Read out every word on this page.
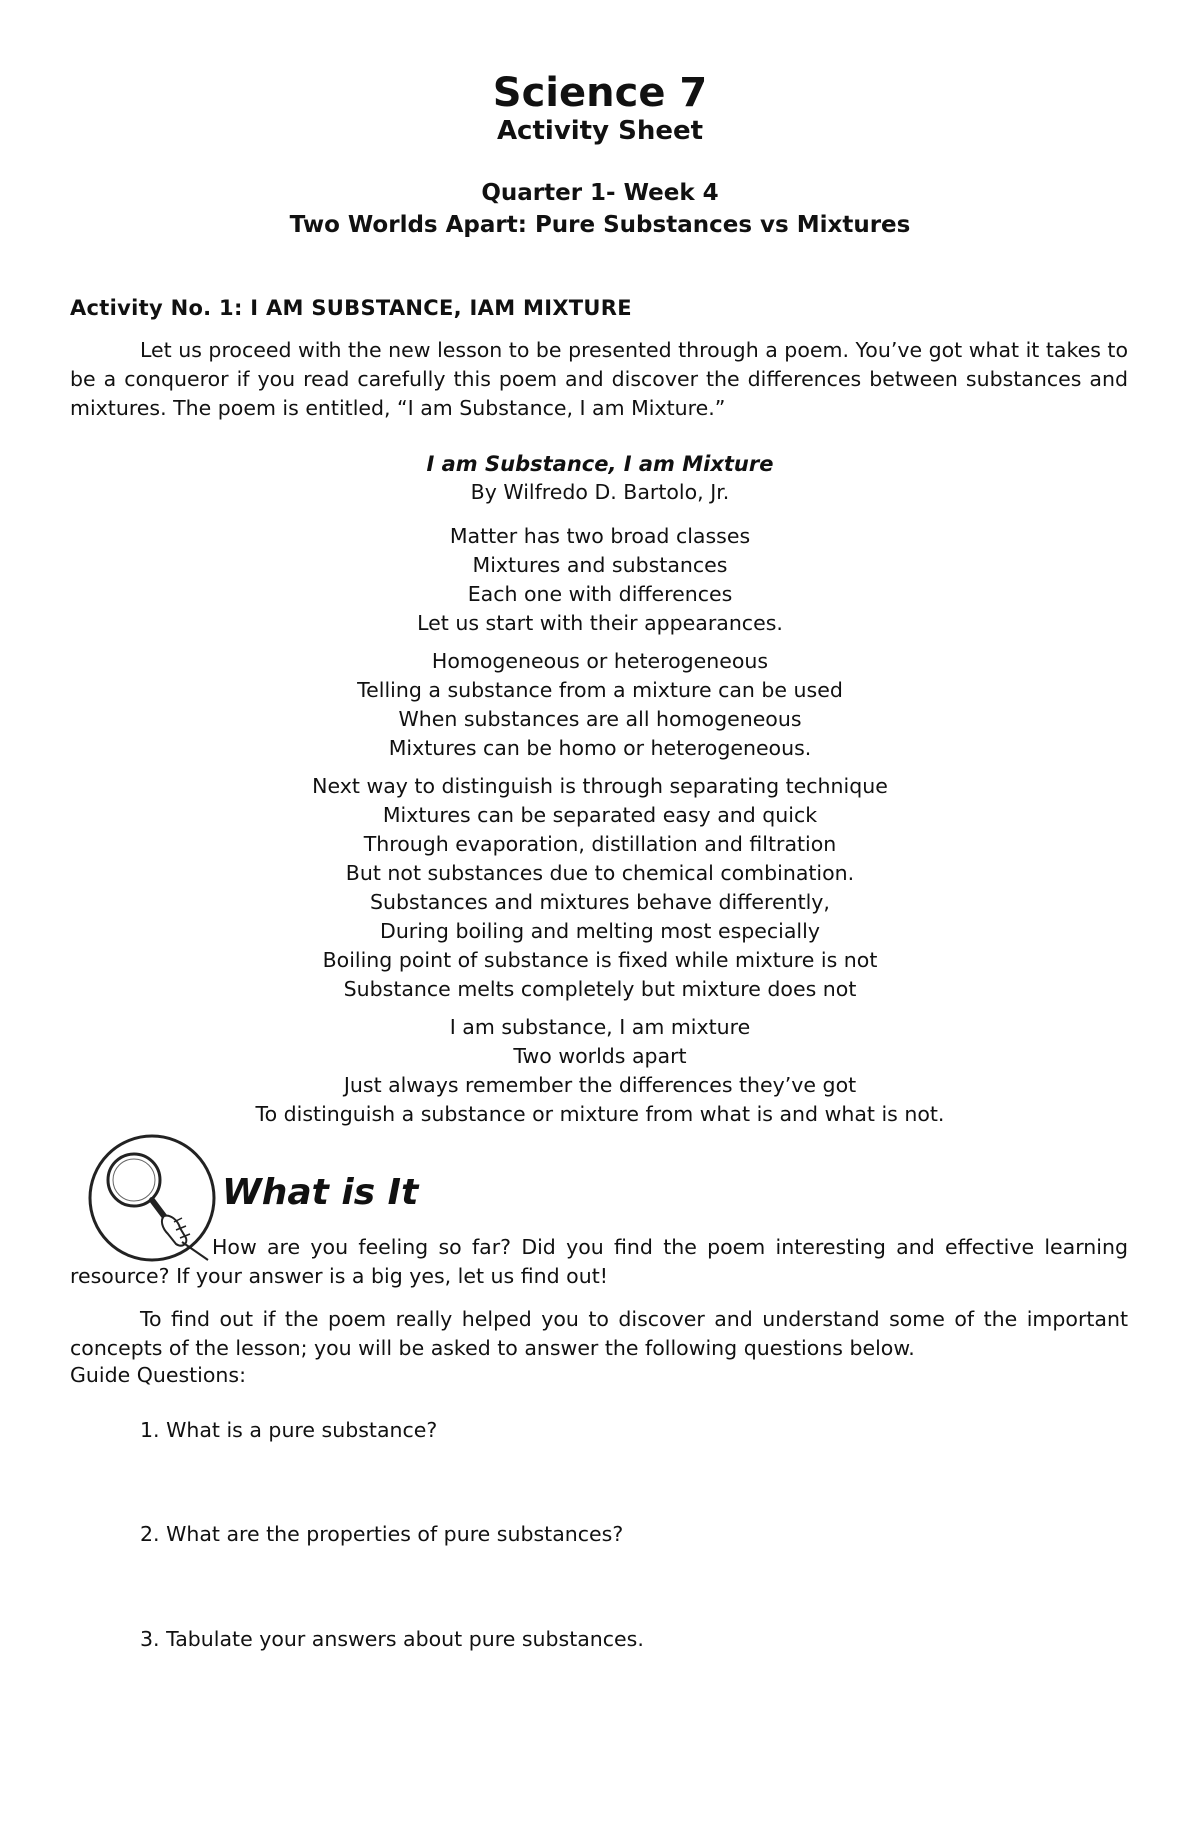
Science 7
Activity Sheet
Quarter 1- Week 4
Two Worlds Apart: Pure Substances vs Mixtures
Activity No. 1: I AM SUBSTANCE, IAM MIXTURE
Let us proceed with the new lesson to be presented through a poem. You’ve got what it takes to be a conqueror if you read carefully this poem and discover the differences between substances and mixtures. The poem is entitled, “I am Substance, I am Mixture.”
I am Substance, I am Mixture
By Wilfredo D. Bartolo, Jr.
Matter has two broad classes
Mixtures and substances
Each one with differences
Let us start with their appearances.
Homogeneous or heterogeneous
Telling a substance from a mixture can be used
When substances are all homogeneous
Mixtures can be homo or heterogeneous.
Next way to distinguish is through separating technique
Mixtures can be separated easy and quick
Through evaporation, distillation and filtration
But not substances due to chemical combination.
Substances and mixtures behave differently,
During boiling and melting most especially
Boiling point of substance is fixed while mixture is not
Substance melts completely but mixture does not
I am substance, I am mixture
Two worlds apart
Just always remember the differences they’ve got
To distinguish a substance or mixture from what is and what is not.
What is It
How are you feeling so far? Did you find the poem interesting and effective learning resource? If your answer is a big yes, let us find out!
To find out if the poem really helped you to discover and understand some of the important concepts of the lesson; you will be asked to answer the following questions below.
Guide Questions:
1. What is a pure substance?
2. What are the properties of pure substances?
3. Tabulate your answers about pure substances.
